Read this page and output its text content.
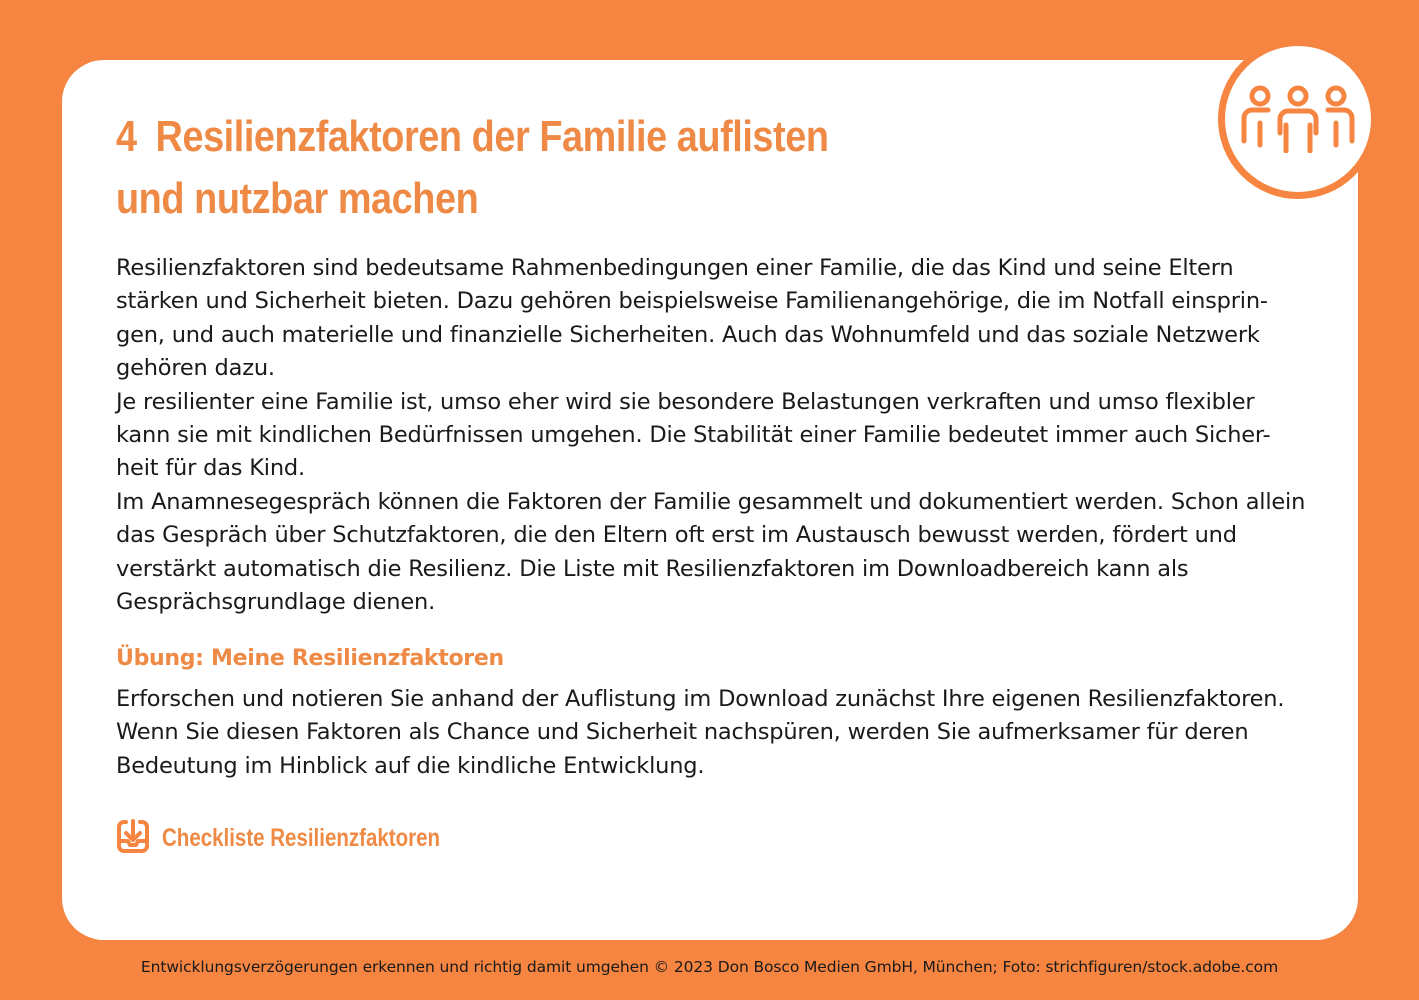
4 Resilienzfaktoren der Familie auflisten
und nutzbar machen

Resilienzfaktoren sind bedeutsame Rahmenbedingungen einer Familie, die das Kind und seine Eltern stärken und Sicherheit bieten. Dazu gehören beispielsweise Familienangehörige, die im Notfall einsprin-gen, und auch materielle und finanzielle Sicherheiten. Auch das Wohnumfeld und das soziale Netzwerk gehören dazu.

Je resilienter eine Familie ist, umso eher wird sie besondere Belastungen verkraften und umso flexibler kann sie mit kindlichen Bedürfnissen umgehen. Die Stabilität einer Familie bedeutet immer auch Sicher-heit für das Kind.

Im Anamnesegespräch können die Faktoren der Familie gesammelt und dokumentiert werden. Schon allein das Gespräch über Schutzfaktoren, die den Eltern oft erst im Austausch bewusst werden, fördert und verstärkt automatisch die Resilienz. Die Liste mit Resilienzfaktoren im Downloadbereich kann als Gesprächsgrundlage dienen.

Übung: Meine Resilienzfaktoren

Erforschen und notieren Sie anhand der Auflistung im Download zunächst Ihre eigenen Resilienzfaktoren. Wenn Sie diesen Faktoren als Chance und Sicherheit nachspüren, werden Sie aufmerksamer für deren Bedeutung im Hinblick auf die kindliche Entwicklung.

Checkliste Resilienzfaktoren
Entwicklungsverzögerungen erkennen und richtig damit umgehen © 2023 Don Bosco Medien GmbH, München; Foto: strichfiguren/stock.adobe.com
